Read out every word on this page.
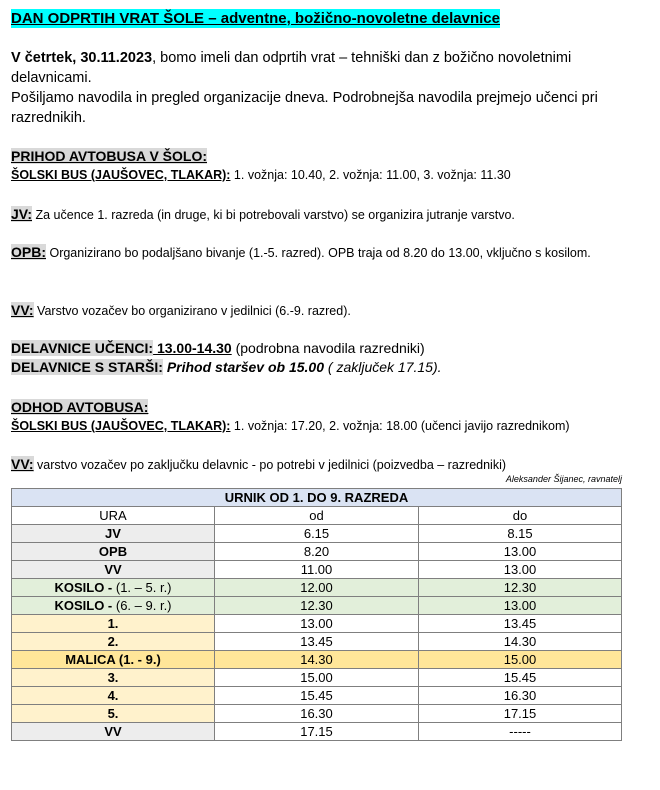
DAN ODPRTIH VRAT ŠOLE – adventne, božično-novoletne delavnice
V četrtek, 30.11.2023, bomo imeli dan odprtih vrat – tehniški dan z božično novoletnimi delavnicami.
Pošiljamo navodila in pregled organizacije dneva. Podrobnejša navodila prejmejo učenci pri razrednikih.
PRIHOD AVTOBUSA V ŠOLO:
ŠOLSKI BUS (JAUŠOVEC, TLAKAR): 1. vožnja: 10.40, 2. vožnja: 11.00, 3. vožnja: 11.30
JV: Za učence 1. razreda (in druge, ki bi potrebovali varstvo) se organizira jutranje varstvo.
OPB: Organizirano bo podaljšano bivanje (1.-5. razred). OPB traja od 8.20 do 13.00, vključno s kosilom.
VV: Varstvo vozačev bo organizirano v jedilnici (6.-9. razred).
DELAVNICE UČENCI: 13.00-14.30 (podrobna navodila razredniki)
DELAVNICE S STARŠI: Prihod staršev ob 15.00 ( zaključek 17.15).
ODHOD AVTOBUSA:
ŠOLSKI BUS (JAUŠOVEC, TLAKAR): 1. vožnja: 17.20, 2. vožnja: 18.00 (učenci javijo razrednikom)
VV: varstvo vozačev po zaključku delavnic - po potrebi v jedilnici (poizvedba – razredniki)
Aleksander Šijanec, ravnatelj
URNIK OD 1. DO 9. RAZREDA		
URA	od	do
JV	6.15	8.15
OPB	8.20	13.00
VV	11.00	13.00
KOSILO - (1. – 5. r.)	12.00	12.30
KOSILO - (6. – 9. r.)	12.30	13.00
1.	13.00	13.45
2.	13.45	14.30
MALICA (1. - 9.)	14.30	15.00
3.	15.00	15.45
4.	15.45	16.30
5.	16.30	17.15
VV	17.15	-----
